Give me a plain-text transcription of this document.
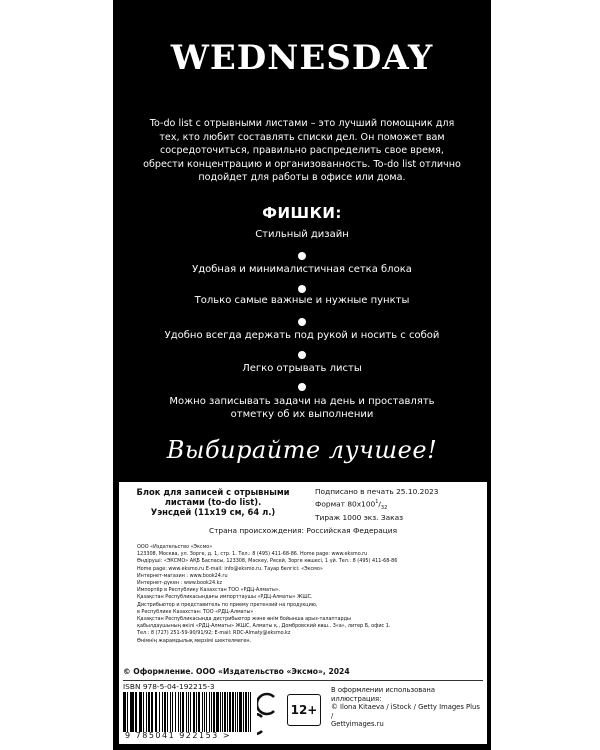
WEDNESDAY
To-do list с отрывными листами – это лучший помощник для
тех, кто любит составлять списки дел. Он поможет вам
сосредоточиться, правильно распределить свое время,
обрести концентрацию и организованность. To-do list отлично
подойдет для работы в офисе или дома.
ФИШКИ:
Стильный дизайн
Удобная и минималистичная сетка блока
Только самые важные и нужные пункты
Удобно всегда держать под рукой и носить с собой
Легко отрывать листы
Можно записывать задачи на день и проставлять
отметку об их выполнении
Выбирайте лучшее!
Блок для записей с отрывными
листами (to-do list).
Уэнсдей (11х19 см, 64 л.)
Подписано в печать 25.10.2023
Формат $80х100^1/_{32}$
Тираж 1000 экз. Заказ
Страна происхождения: Российская Федерация
ООО «Издательство «Эксмо»
123308, Москва, ул. Зорге, д. 1, стр. 1. Тел.: 8 (495) 411-68-86. Home page: www.eksmo.ru
Өндіруші: «ЭКСМО» АҚБ Баспасы, 123308, Мәскеу, Ресей, Зорге көшесі, 1 үй. Тел.: 8 (495) 411-68-86
Home page: www.eksmo.ru E-mail: info@eksmo.ru. Тауар белгісі: «Эксмо»
Интернет-магазин : www.book24.ru
Интернет-дүкен : www.book24.kz
Импортёр в Республику Казахстан ТОО «РДЦ-Алматы».
Қазақстан Республикасындағы импорттаушы «РДЦ-Алматы» ЖШС.
Дистрибьютор и представитель по приему претензий на продукцию,
в Республике Казахстан: ТОО «РДЦ-Алматы»
Қазақстан Республикасында дистрибьютор және өнім бойынша арыз-талаптарды
қабылдаушының өкілі «РДЦ-Алматы» ЖШС, Алматы қ., Домбровский көш., 3«а», литер Б, офис 1.
Тел.: 8 (727) 251-59-90/91/92; E-mail: RDC-Almaty@eksmo.kz
Өнімнің жарамдылық мерзімі шектелмеген.
© Оформление. ООО «Издательство «Эксмо», 2024
ISBN 978-5-04-192215-3
9 785041 922153 >
12+
В оформлении использована
иллюстрация:
© Ilona Kitaeva / iStock / Getty Images Plus /
Gettyimages.ru
